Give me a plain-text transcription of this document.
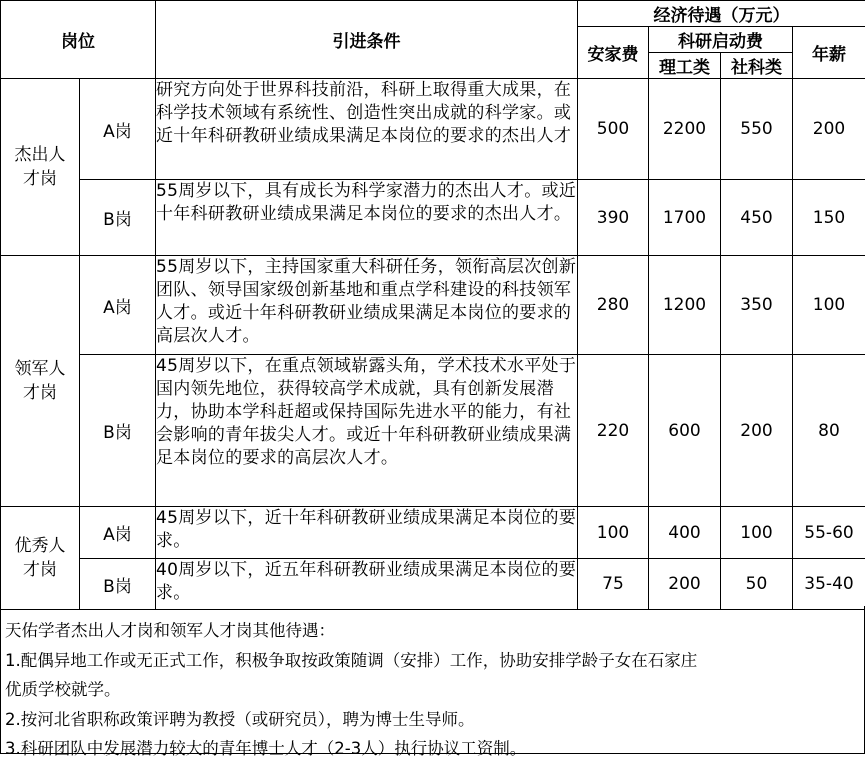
岗位		引进条件	经济待遇（万元）			
			安家费	科研启动费		年薪
				理工类	社科类	

杰出人
才岗	A岗	研究方向处于世界科技前沿，科研上取得重大成果，在科学技术领域有系统性、创造性突出成就的科学家。或近十年科研教研业绩成果满足本岗位的要求的杰出人才	500	2200	550	200
	B岗	55周岁以下，具有成长为科学家潜力的杰出人才。或近十年科研教研业绩成果满足本岗位的要求的杰出人才。	390	1700	450	150

领军人
才岗	A岗	55周岁以下，主持国家重大科研任务，领衔高层次创新团队、领导国家级创新基地和重点学科建设的科技领军人才。或近十年科研教研业绩成果满足本岗位的要求的高层次人才。	280	1200	350	100
	B岗	45周岁以下，在重点领域崭露头角，学术技术水平处于国内领先地位，获得较高学术成就，具有创新发展潜力，协助本学科赶超或保持国际先进水平的能力，有社会影响的青年拔尖人才。或近十年科研教研业绩成果满足本岗位的要求的高层次人才。	220	600	200	80

优秀人
才岗	A岗	45周岁以下，近十年科研教研业绩成果满足本岗位的要求。	100	400	100	55-60
	B岗	40周岁以下，近五年科研教研业绩成果满足本岗位的要求。	75	200	50	35-40
天佑学者杰出人才岗和领军人才岗其他待遇：
1.配偶异地工作或无正式工作，积极争取按政策随调（安排）工作，协助安排学龄子女在石家庄
优质学校就学。
2.按河北省职称政策评聘为教授（或研究员），聘为博士生导师。
3.科研团队中发展潜力较大的青年博士人才（2-3人）执行协议工资制。
